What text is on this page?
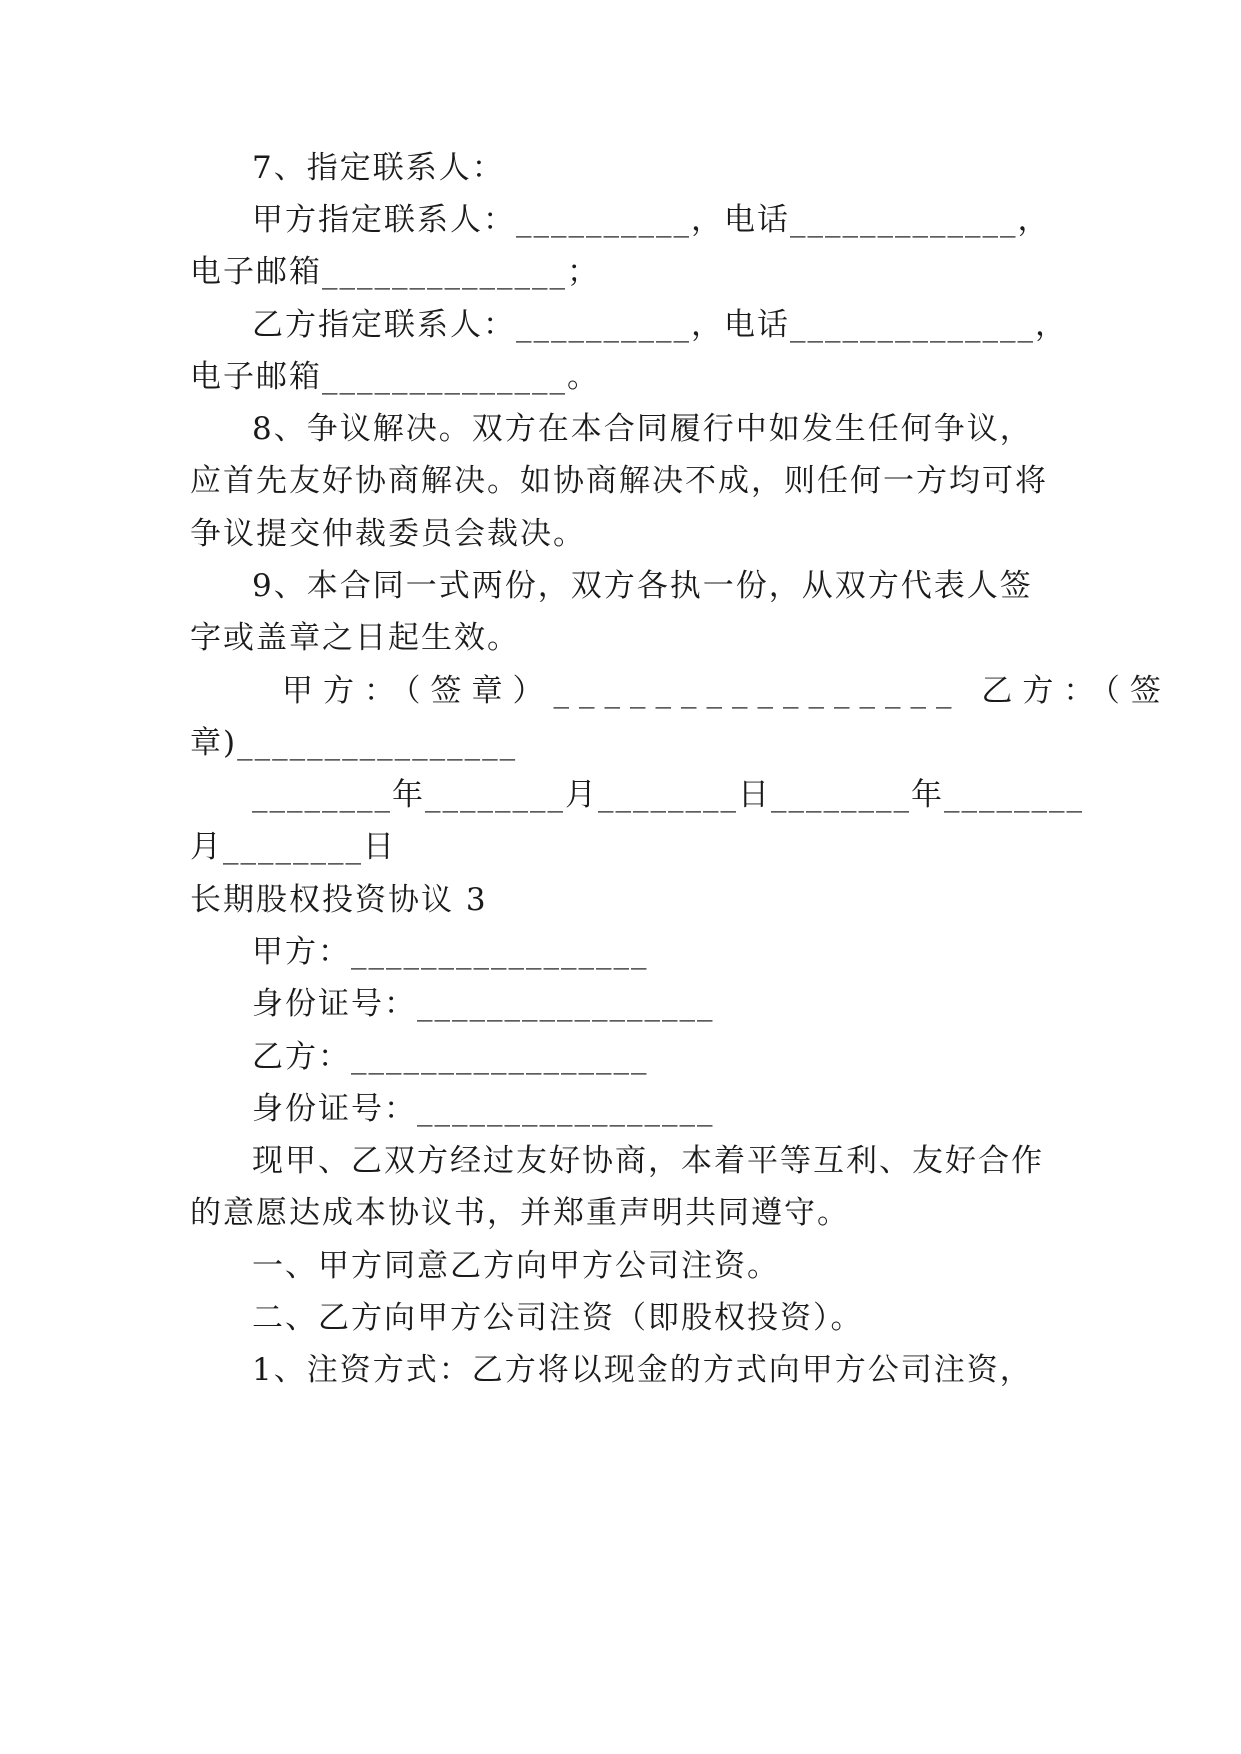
7、指定联系人：
甲方指定联系人：__________，电话_____________，
电子邮箱______________；
乙方指定联系人：__________，电话______________，
电子邮箱______________。
8、争议解决。双方在本合同履行中如发生任何争议，
应首先友好协商解决。如协商解决不成，则任何一方均可将
争议提交仲裁委员会裁决。
9、本合同一式两份，双方各执一份，从双方代表人签
字或盖章之日起生效。
甲方：（签章）________________ 乙方：（签
章)________________
________年________月________日________年________
月________日
长期股权投资协议 3
甲方：_________________
身份证号：_________________
乙方：_________________
身份证号：_________________
现甲、乙双方经过友好协商，本着平等互利、友好合作
的意愿达成本协议书，并郑重声明共同遵守。
一、甲方同意乙方向甲方公司注资。
二、乙方向甲方公司注资（即股权投资）。
1、注资方式：乙方将以现金的方式向甲方公司注资，
